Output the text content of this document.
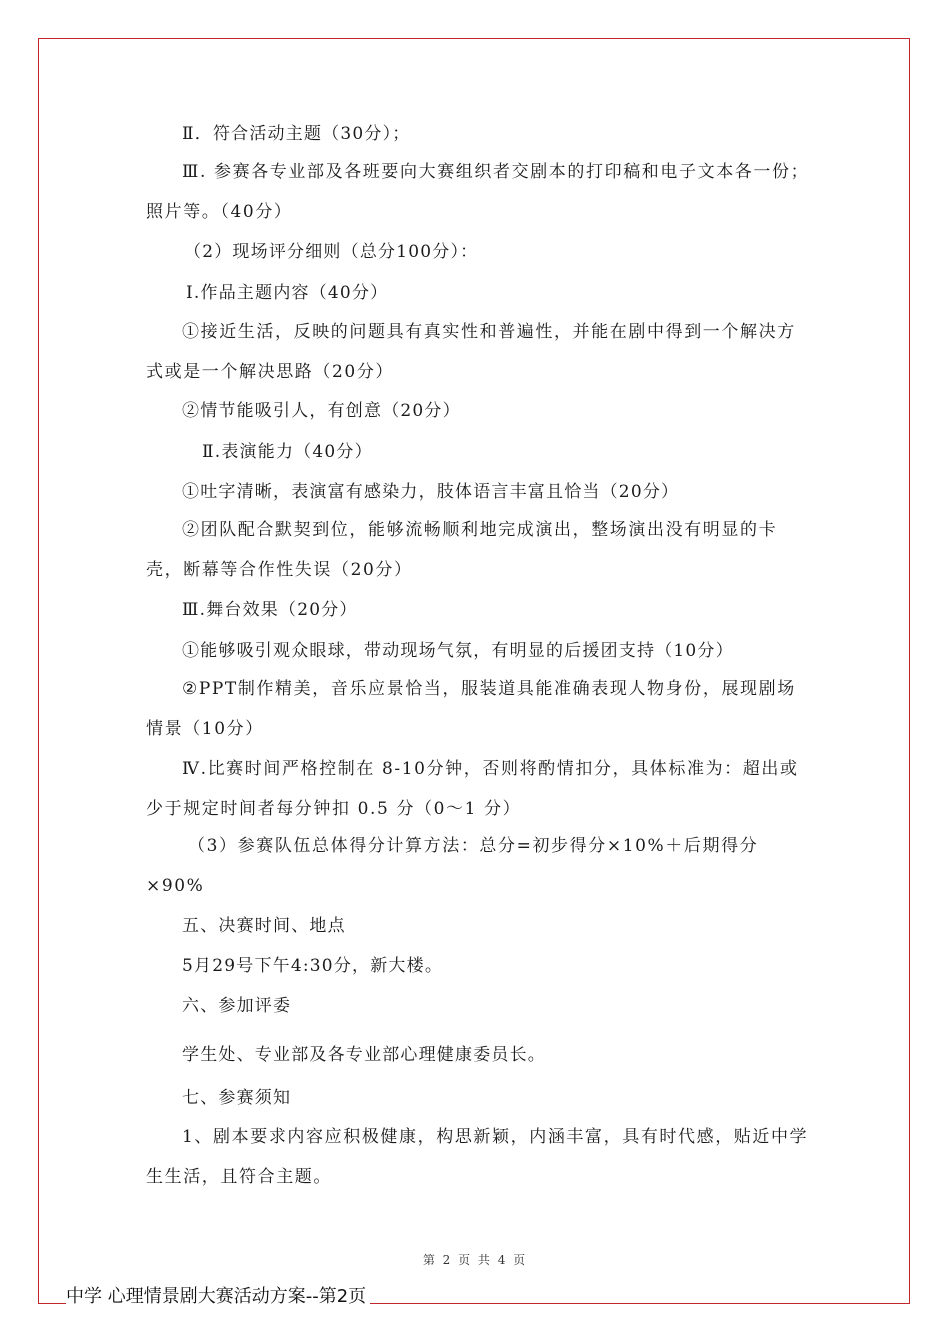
Ⅱ．符合活动主题（30分）；
Ⅲ. 参赛各专业部及各班要向大赛组织者交剧本的打印稿和电子文本各一份；照片等。（40分）
（2）现场评分细则（总分100分）：
Ⅰ.作品主题内容（40分）
①接近生活，反映的问题具有真实性和普遍性，并能在剧中得到一个解决方式或是一个解决思路（20分）
②情节能吸引人，有创意（20分）
Ⅱ.表演能力（40分）
①吐字清晰，表演富有感染力，肢体语言丰富且恰当（20分）
②团队配合默契到位，能够流畅顺利地完成演出，整场演出没有明显的卡壳，断幕等合作性失误（20分）
Ⅲ.舞台效果（20分）
①能够吸引观众眼球，带动现场气氛，有明显的后援团支持（10分）
②PPT制作精美，音乐应景恰当，服装道具能准确表现人物身份，展现剧场情景（10分）
Ⅳ.比赛时间严格控制在 8-10分钟，否则将酌情扣分，具体标准为：超出或少于规定时间者每分钟扣 0.5 分（0～1 分）
（3）参赛队伍总体得分计算方法：总分=初步得分×10%＋后期得分×90%
五、决赛时间、地点
5月29号下午4:30分，新大楼。
六、参加评委
学生处、专业部及各专业部心理健康委员长。
七、参赛须知
1、剧本要求内容应积极健康，构思新颖，内涵丰富，具有时代感，贴近中学生生活，且符合主题。
第 2 页 共 4 页
中学 心理情景剧大赛活动方案--第2页
